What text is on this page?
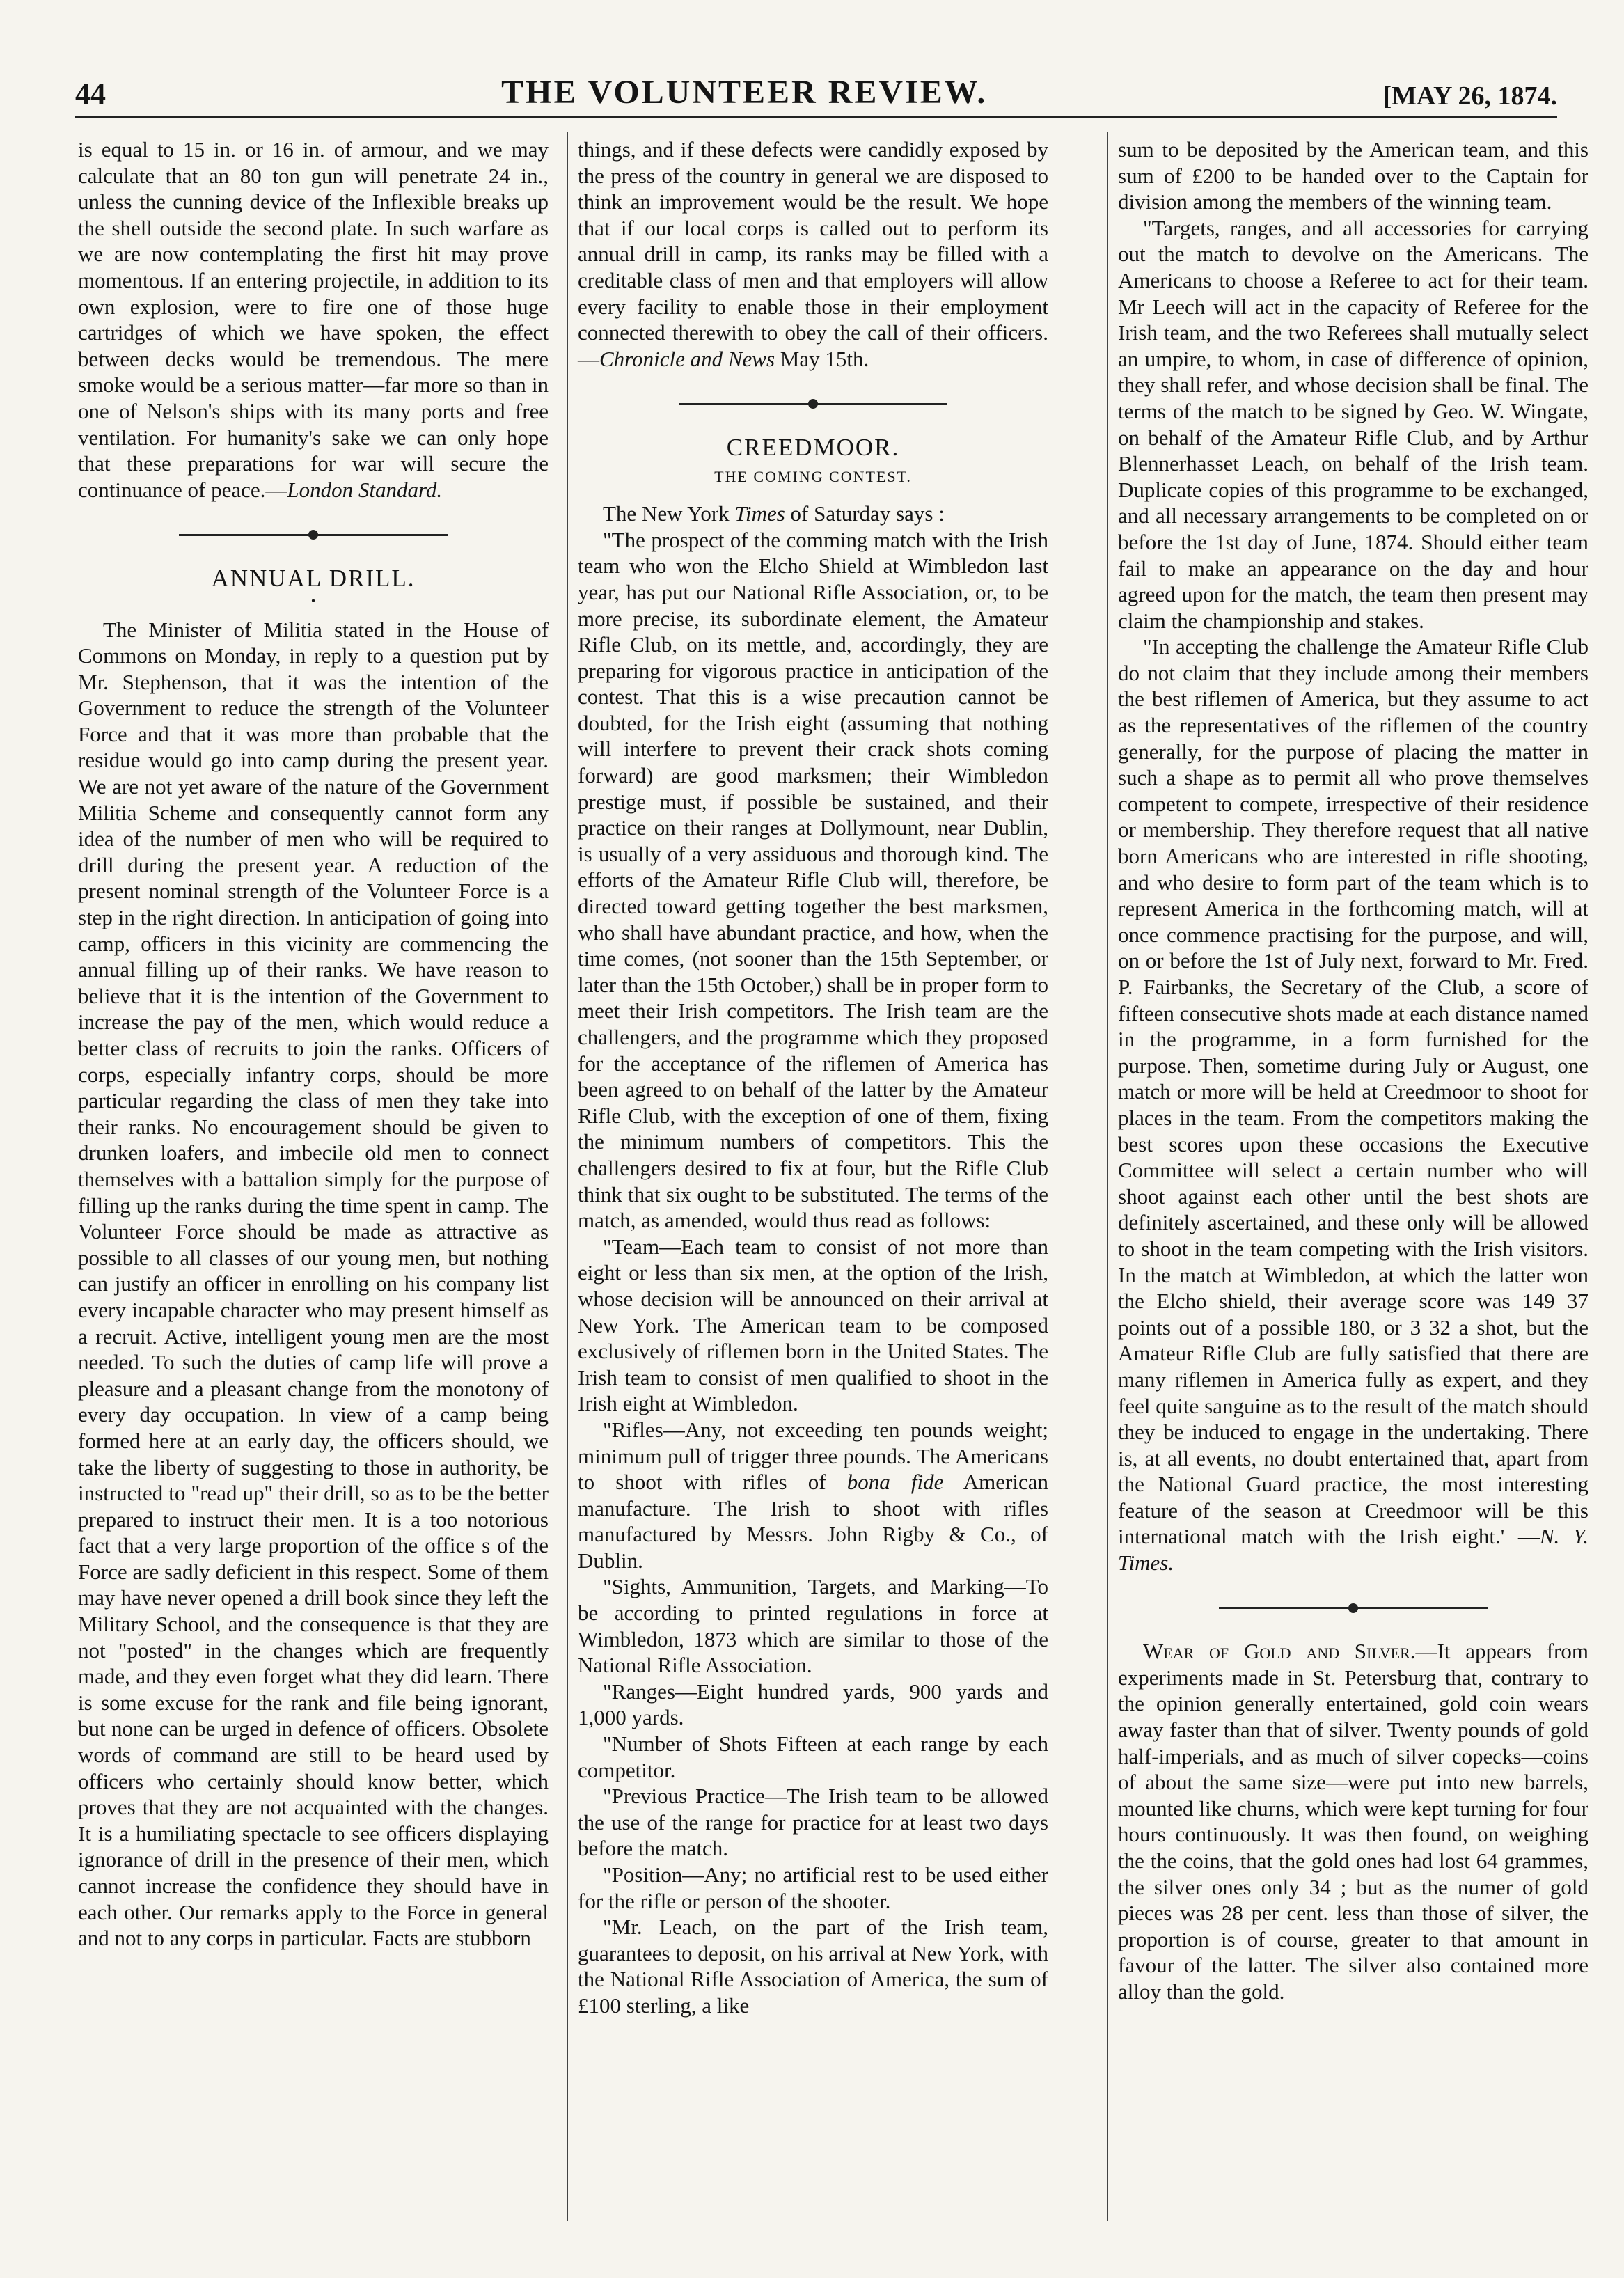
44	THE VOLUNTEER REVIEW.	[MAY 26, 1874.

is equal to 15 in. or 16 in. of armour, and we may calculate that an 80 ton gun will penetrate 24 in., unless the cunning device of the Inflexible breaks up the shell outside the second plate. In such warfare as we are now contemplating the first hit may prove momentous. If an entering projectile, in addition to its own explosion, were to fire one of those huge cartridges of which we have spoken, the effect between decks would be tremendous. The mere smoke would be a serious matter—far more so than in one of Nelson's ships with its many ports and free ventilation. For humanity's sake we can only hope that these preparations for war will secure the continuance of peace.—London Standard.

ANNUAL DRILL.
•

The Minister of Militia stated in the House of Commons on Monday, in reply to a question put by Mr. Stephenson, that it was the intention of the Government to reduce the strength of the Volunteer Force and that it was more than probable that the residue would go into camp during the present year. We are not yet aware of the nature of the Government Militia Scheme and consequently cannot form any idea of the number of men who will be required to drill during the present year. A reduction of the present nominal strength of the Volunteer Force is a step in the right direction. In anticipation of going into camp, officers in this vicinity are commencing the annual filling up of their ranks. We have reason to believe that it is the intention of the Government to increase the pay of the men, which would reduce a better class of recruits to join the ranks. Officers of corps, especially infantry corps, should be more particular regarding the class of men they take into their ranks. No encouragement should be given to drunken loafers, and imbecile old men to connect themselves with a battalion simply for the purpose of filling up the ranks during the time spent in camp. The Volunteer Force should be made as attractive as possible to all classes of our young men, but nothing can justify an officer in enrolling on his company list every incapable character who may present himself as a recruit. Active, intelligent young men are the most needed. To such the duties of camp life will prove a pleasure and a pleasant change from the monotony of every day occupation. In view of a camp being formed here at an early day, the officers should, we take the liberty of suggesting to those in authority, be instructed to "read up" their drill, so as to be the better prepared to instruct their men. It is a too notorious fact that a very large proportion of the office s of the Force are sadly deficient in this respect. Some of them may have never opened a drill book since they left the Military School, and the consequence is that they are not "posted" in the changes which are frequently made, and they even forget what they did learn. There is some excuse for the rank and file being ignorant, but none can be urged in defence of officers. Obsolete words of command are still to be heard used by officers who certainly should know better, which proves that they are not acquainted with the changes. It is a humiliating spectacle to see officers displaying ignorance of drill in the presence of their men, which cannot increase the confidence they should have in each other. Our remarks apply to the Force in general and not to any corps in particular. Facts are stubborn

things, and if these defects were candidly exposed by the press of the country in general we are disposed to think an improvement would be the result. We hope that if our local corps is called out to perform its annual drill in camp, its ranks may be filled with a creditable class of men and that employers will allow every facility to enable those in their employment connected therewith to obey the call of their officers.—Chronicle and News May 15th.

CREEDMOOR.
THE COMING CONTEST.

The New York Times of Saturday says :

"The prospect of the comming match with the Irish team who won the Elcho Shield at Wimbledon last year, has put our National Rifle Association, or, to be more precise, its subordinate element, the Amateur Rifle Club, on its mettle, and, accordingly, they are preparing for vigorous practice in anticipation of the contest. That this is a wise precaution cannot be doubted, for the Irish eight (assuming that nothing will interfere to prevent their crack shots coming forward) are good marksmen; their Wimbledon prestige must, if possible be sustained, and their practice on their ranges at Dollymount, near Dublin, is usually of a very assiduous and thorough kind. The efforts of the Amateur Rifle Club will, therefore, be directed toward getting together the best marksmen, who shall have abundant practice, and how, when the time comes, (not sooner than the 15th September, or later than the 15th October,) shall be in proper form to meet their Irish competitors. The Irish team are the challengers, and the programme which they proposed for the acceptance of the riflemen of America has been agreed to on behalf of the latter by the Amateur Rifle Club, with the exception of one of them, fixing the minimum numbers of competitors. This the challengers desired to fix at four, but the Rifle Club think that six ought to be substituted. The terms of the match, as amended, would thus read as follows:

"Team—Each team to consist of not more than eight or less than six men, at the option of the Irish, whose decision will be announced on their arrival at New York. The American team to be composed exclusively of riflemen born in the United States. The Irish team to consist of men qualified to shoot in the Irish eight at Wimbledon.

"Rifles—Any, not exceeding ten pounds weight; minimum pull of trigger three pounds. The Americans to shoot with rifles of bona fide American manufacture. The Irish to shoot with rifles manufactured by Messrs. John Rigby & Co., of Dublin.

"Sights, Ammunition, Targets, and Marking—To be according to printed regulations in force at Wimbledon, 1873 which are similar to those of the National Rifle Association.

"Ranges—Eight hundred yards, 900 yards and 1,000 yards.

"Number of Shots Fifteen at each range by each competitor.

"Previous Practice—The Irish team to be allowed the use of the range for practice for at least two days before the match.

"Position—Any; no artificial rest to be used either for the rifle or person of the shooter.

"Mr. Leach, on the part of the Irish team, guarantees to deposit, on his arrival at New York, with the National Rifle Association of America, the sum of £100 sterling, a like

sum to be deposited by the American team, and this sum of £200 to be handed over to the Captain for division among the members of the winning team.

"Targets, ranges, and all accessories for carrying out the match to devolve on the Americans. The Americans to choose a Referee to act for their team. Mr Leech will act in the capacity of Referee for the Irish team, and the two Referees shall mutually select an umpire, to whom, in case of difference of opinion, they shall refer, and whose decision shall be final. The terms of the match to be signed by Geo. W. Wingate, on behalf of the Amateur Rifle Club, and by Arthur Blennerhasset Leach, on behalf of the Irish team. Duplicate copies of this programme to be exchanged, and all necessary arrangements to be completed on or before the 1st day of June, 1874. Should either team fail to make an appearance on the day and hour agreed upon for the match, the team then present may claim the championship and stakes.

"In accepting the challenge the Amateur Rifle Club do not claim that they include among their members the best riflemen of America, but they assume to act as the representatives of the riflemen of the country generally, for the purpose of placing the matter in such a shape as to permit all who prove themselves competent to compete, irrespective of their residence or membership. They therefore request that all native born Americans who are interested in rifle shooting, and who desire to form part of the team which is to represent America in the forthcoming match, will at once commence practising for the purpose, and will, on or before the 1st of July next, forward to Mr. Fred. P. Fairbanks, the Secretary of the Club, a score of fifteen consecutive shots made at each distance named in the programme, in a form furnished for the purpose. Then, sometime during July or August, one match or more will be held at Creedmoor to shoot for places in the team. From the competitors making the best scores upon these occasions the Executive Committee will select a certain number who will shoot against each other until the best shots are definitely ascertained, and these only will be allowed to shoot in the team competing with the Irish visitors. In the match at Wimbledon, at which the latter won the Elcho shield, their average score was 149 37 points out of a possible 180, or 3 32 a shot, but the Amateur Rifle Club are fully satisfied that there are many riflemen in America fully as expert, and they feel quite sanguine as to the result of the match should they be induced to engage in the undertaking. There is, at all events, no doubt entertained that, apart from the National Guard practice, the most interesting feature of the season at Creedmoor will be this international match with the Irish eight.' —N. Y. Times.

Wear of Gold and Silver.—It appears from experiments made in St. Petersburg that, contrary to the opinion generally entertained, gold coin wears away faster than that of silver. Twenty pounds of gold half-imperials, and as much of silver copecks—coins of about the same size—were put into new barrels, mounted like churns, which were kept turning for four hours continuously. It was then found, on weighing the the coins, that the gold ones had lost 64 grammes, the silver ones only 34 ; but as the numer of gold pieces was 28 per cent. less than those of silver, the proportion is of course, greater to that amount in favour of the latter. The silver also contained more alloy than the gold.
